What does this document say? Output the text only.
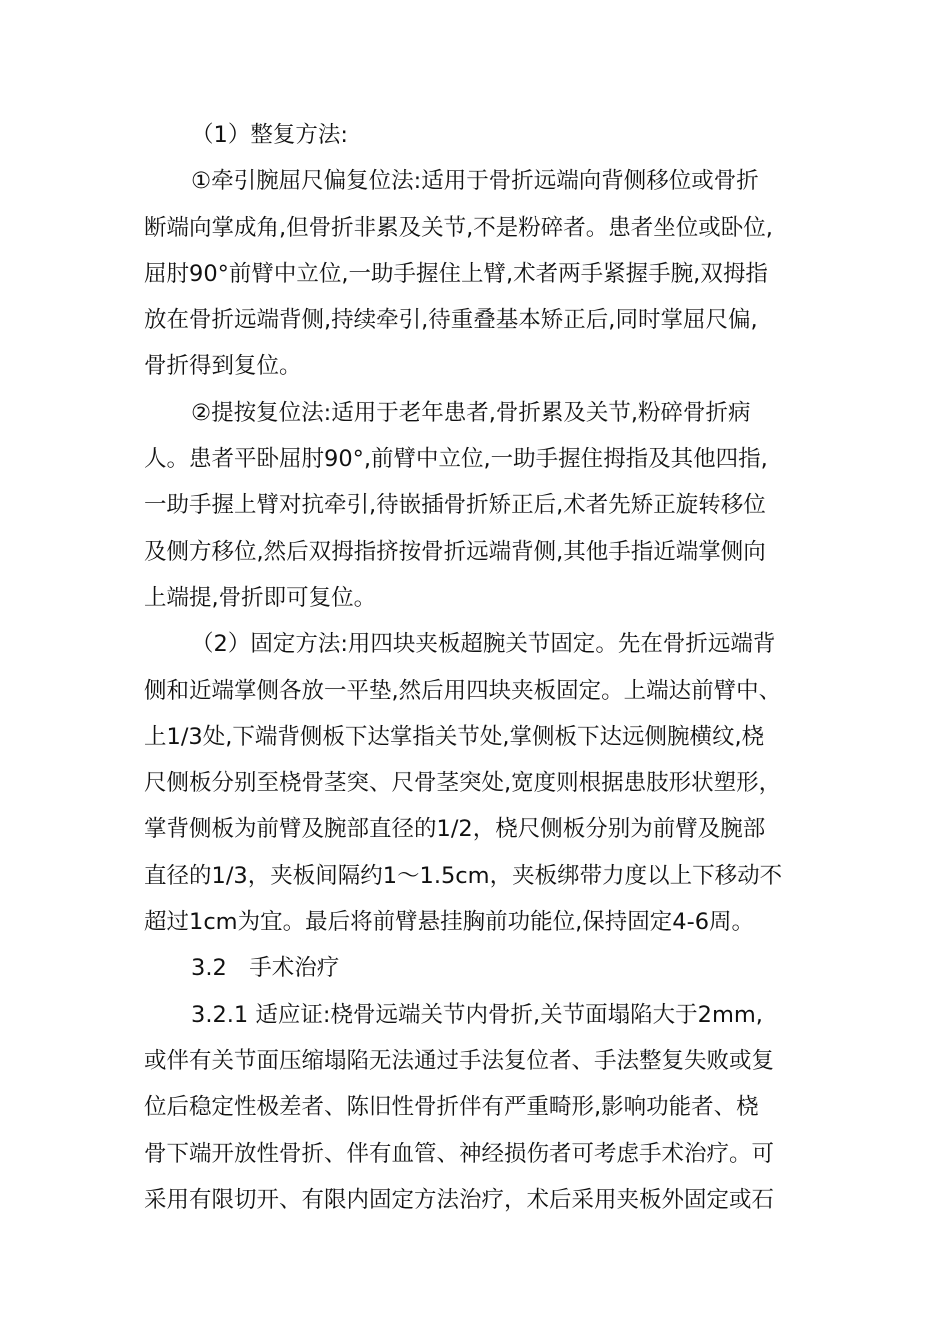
（1）整复方法:
①牵引腕屈尺偏复位法:适用于骨折远端向背侧移位或骨折
断端向掌成角,但骨折非累及关节,不是粉碎者。患者坐位或卧位,
屈肘90°前臂中立位,一助手握住上臂,术者两手紧握手腕,双拇指
放在骨折远端背侧,持续牵引,待重叠基本矫正后,同时掌屈尺偏,
骨折得到复位。
②提按复位法:适用于老年患者,骨折累及关节,粉碎骨折病
人。患者平卧屈肘90°,前臂中立位,一助手握住拇指及其他四指,
一助手握上臂对抗牵引,待嵌插骨折矫正后,术者先矫正旋转移位
及侧方移位,然后双拇指挤按骨折远端背侧,其他手指近端掌侧向
上端提,骨折即可复位。
（2）固定方法:用四块夹板超腕关节固定。先在骨折远端背
侧和近端掌侧各放一平垫,然后用四块夹板固定。上端达前臂中、
上1/3处,下端背侧板下达掌指关节处,掌侧板下达远侧腕横纹,桡
尺侧板分别至桡骨茎突、尺骨茎突处,宽度则根据患肢形状塑形，
掌背侧板为前臂及腕部直径的1/2，桡尺侧板分别为前臂及腕部
直径的1/3，夹板间隔约1～1.5cm，夹板绑带力度以上下移动不
超过1cm为宜。最后将前臂悬挂胸前功能位,保持固定4-6周。
3.2　手术治疗
3.2.1 适应证:桡骨远端关节内骨折,关节面塌陷大于2mm,
或伴有关节面压缩塌陷无法通过手法复位者、手法整复失败或复
位后稳定性极差者、陈旧性骨折伴有严重畸形,影响功能者、桡
骨下端开放性骨折、伴有血管、神经损伤者可考虑手术治疗。可
采用有限切开、有限内固定方法治疗，术后采用夹板外固定或石
